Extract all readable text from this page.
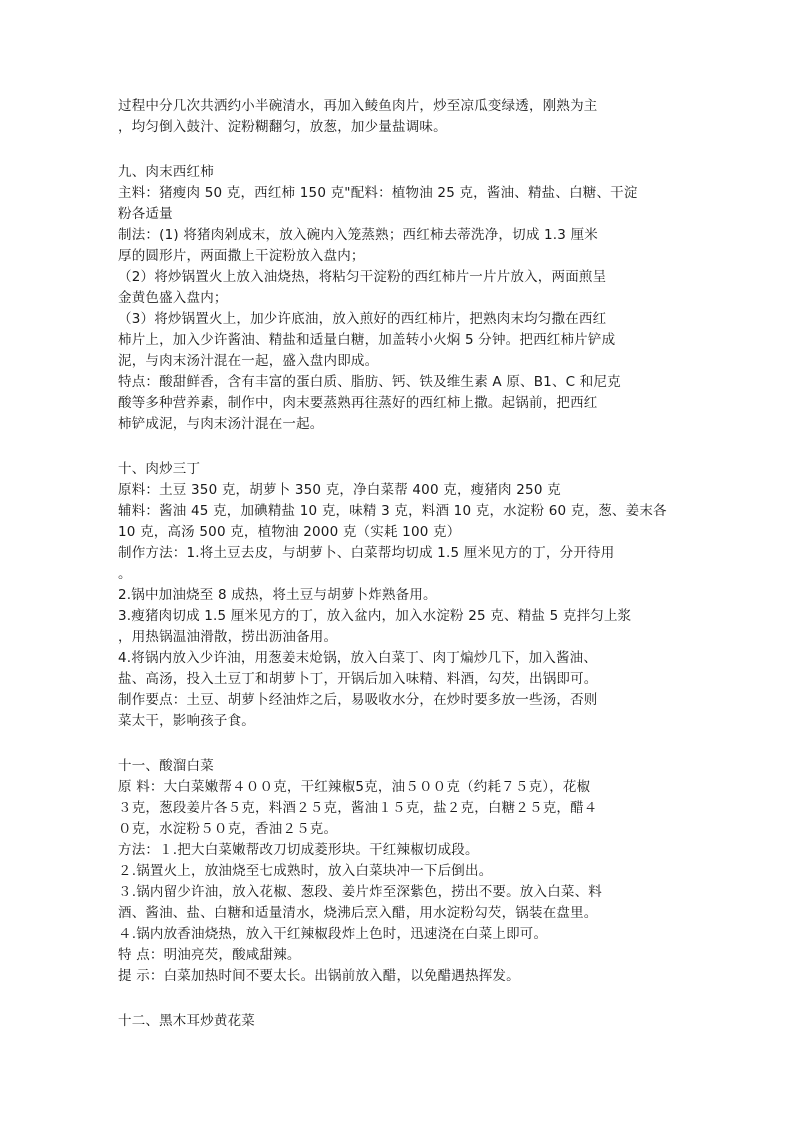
过程中分几次共洒约小半碗清水，再加入鲮鱼肉片，炒至凉瓜变绿透，刚熟为主
，均匀倒入鼓汁、淀粉糊翻匀，放葱，加少量盐调味。
九、肉末西红柿
主料：猪瘦肉 50 克，西红柿 150 克"配料：植物油 25 克，酱油、精盐、白糖、干淀
粉各适量
制法：(1) 将猪肉剁成末，放入碗内入笼蒸熟；西红柿去蒂洗净，切成 1.3 厘米
厚的圆形片，两面撒上干淀粉放入盘内；
（2）将炒锅置火上放入油烧热，将粘匀干淀粉的西红柿片一片片放入，两面煎呈
金黄色盛入盘内；
（3）将炒锅置火上，加少许底油，放入煎好的西红柿片，把熟肉末均匀撒在西红
柿片上，加入少许酱油、精盐和适量白糖，加盖转小火焖 5 分钟。把西红柿片铲成
泥，与肉末汤汁混在一起，盛入盘内即成。
特点：酸甜鲜香，含有丰富的蛋白质、脂肪、钙、铁及维生素 A 原、B1、C 和尼克
酸等多种营养素，制作中，肉末要蒸熟再往蒸好的西红柿上撒。起锅前，把西红
柿铲成泥，与肉末汤汁混在一起。
十、肉炒三丁
原料：土豆 350 克，胡萝卜 350 克，净白菜帮 400 克，瘦猪肉 250 克
辅料：酱油 45 克，加碘精盐 10 克，味精 3 克，料酒 10 克，水淀粉 60 克，葱、姜末各
10 克，高汤 500 克，植物油 2000 克（实耗 100 克）
制作方法：1.将土豆去皮，与胡萝卜、白菜帮均切成 1.5 厘米见方的丁，分开待用
。
2.锅中加油烧至 8 成热，将土豆与胡萝卜炸熟备用。
3.瘦猪肉切成 1.5 厘米见方的丁，放入盆内，加入水淀粉 25 克、精盐 5 克拌匀上浆
，用热锅温油滑散，捞出沥油备用。
4.将锅内放入少许油，用葱姜末炝锅，放入白菜丁、肉丁煸炒几下，加入酱油、
盐、高汤，投入土豆丁和胡萝卜丁，开锅后加入味精、料酒，勾芡，出锅即可。
制作要点：土豆、胡萝卜经油炸之后，易吸收水分，在炒时要多放一些汤，否则
菜太干，影响孩子食。
十一、酸溜白菜
原 料：大白菜嫩帮４００克，干红辣椒5克，油５００克（约耗７５克），花椒
３克，葱段姜片各５克，料酒２５克，酱油１５克，盐２克，白糖２５克，醋４
０克，水淀粉５０克，香油２５克。
方法：１.把大白菜嫩帮改刀切成菱形块。干红辣椒切成段。
２.锅置火上，放油烧至七成熟时，放入白菜块冲一下后倒出。
３.锅内留少许油，放入花椒、葱段、姜片炸至深紫色，捞出不要。放入白菜、料
酒、酱油、盐、白糖和适量清水，烧沸后烹入醋，用水淀粉勾芡，锅装在盘里。
４.锅内放香油烧热，放入干红辣椒段炸上色时，迅速浇在白菜上即可。
特 点：明油亮芡，酸咸甜辣。
提 示：白菜加热时间不要太长。出锅前放入醋，以免醋遇热挥发。
十二、黑木耳炒黄花菜
